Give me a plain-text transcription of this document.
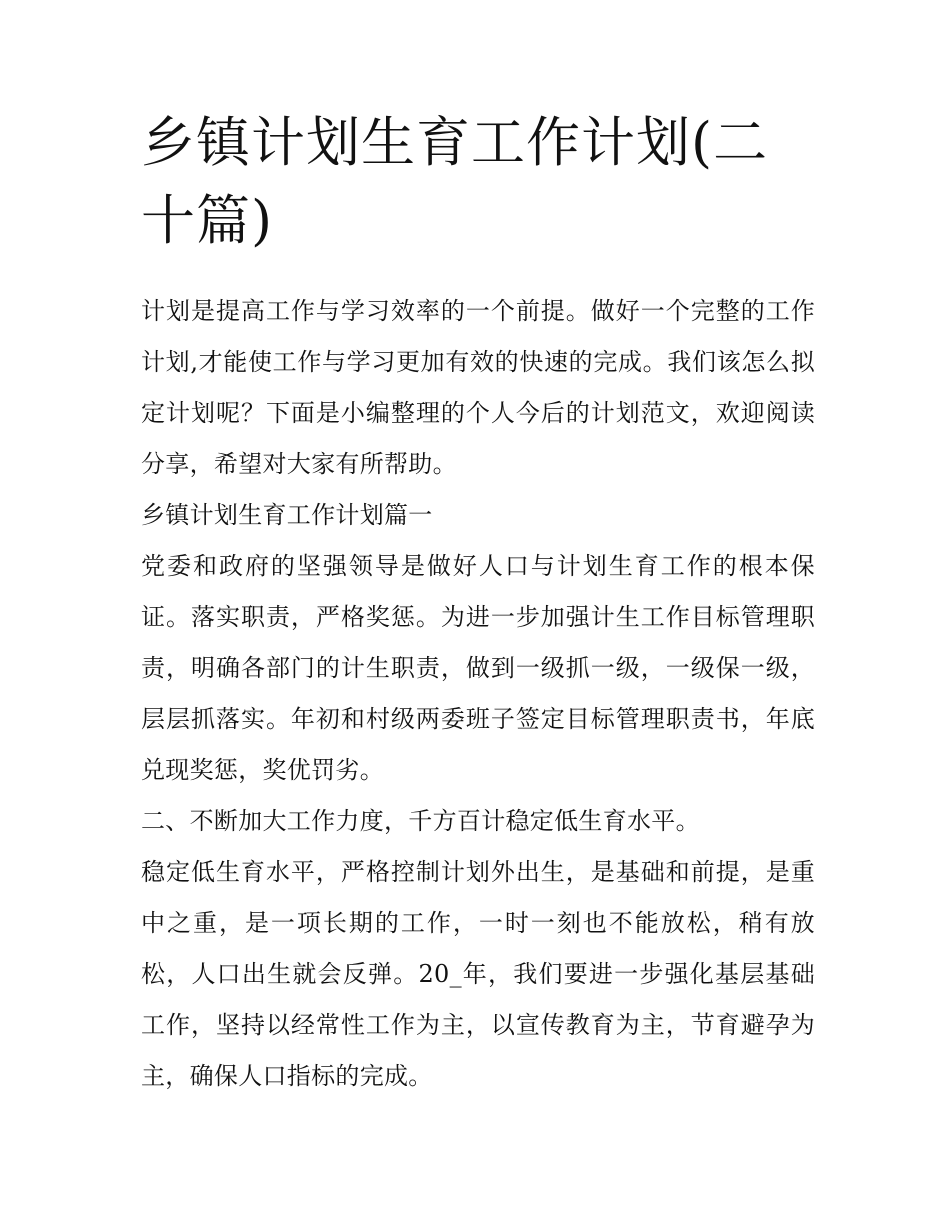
乡镇计划生育工作计划(二十篇)

计划是提高工作与学习效率的一个前提。做好一个完整的工作计划,才能使工作与学习更加有效的快速的完成。我们该怎么拟定计划呢？下面是小编整理的个人今后的计划范文，欢迎阅读分享，希望对大家有所帮助。

乡镇计划生育工作计划篇一

党委和政府的坚强领导是做好人口与计划生育工作的根本保证。落实职责，严格奖惩。为进一步加强计生工作目标管理职责，明确各部门的计生职责，做到一级抓一级，一级保一级，层层抓落实。年初和村级两委班子签定目标管理职责书，年底兑现奖惩，奖优罚劣。

二、不断加大工作力度，千方百计稳定低生育水平。

稳定低生育水平，严格控制计划外出生，是基础和前提，是重中之重，是一项长期的工作，一时一刻也不能放松，稍有放松，人口出生就会反弹。20_年，我们要进一步强化基层基础工作，坚持以经常性工作为主，以宣传教育为主，节育避孕为主，确保人口指标的完成。
